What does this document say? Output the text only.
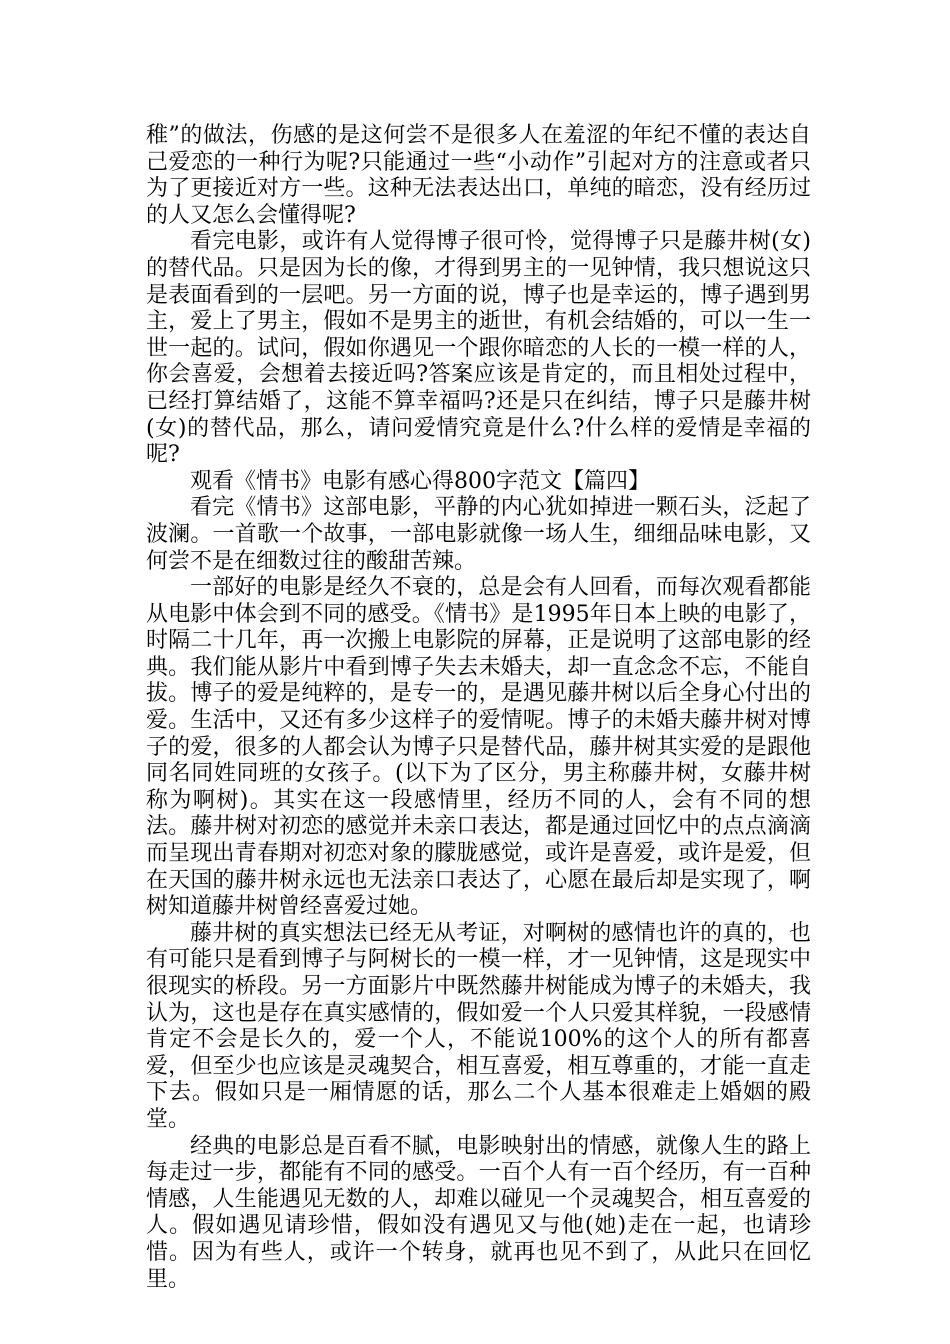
稚”的做法，伤感的是这何尝不是很多人在羞涩的年纪不懂的表达自己爱恋的一种行为呢?只能通过一些“小动作”引起对方的注意或者只为了更接近对方一些。这种无法表达出口，单纯的暗恋，没有经历过的人又怎么会懂得呢?

看完电影，或许有人觉得博子很可怜，觉得博子只是藤井树(女)的替代品。只是因为长的像，才得到男主的一见钟情，我只想说这只是表面看到的一层吧。另一方面的说，博子也是幸运的，博子遇到男主，爱上了男主，假如不是男主的逝世，有机会结婚的，可以一生一世一起的。试问，假如你遇见一个跟你暗恋的人长的一模一样的人，你会喜爱，会想着去接近吗?答案应该是肯定的，而且相处过程中，已经打算结婚了，这能不算幸福吗?还是只在纠结，博子只是藤井树(女)的替代品，那么，请问爱情究竟是什么?什么样的爱情是幸福的呢?

观看《情书》电影有感心得800字范文【篇四】

看完《情书》这部电影，平静的内心犹如掉进一颗石头，泛起了波澜。一首歌一个故事，一部电影就像一场人生，细细品味电影，又何尝不是在细数过往的酸甜苦辣。

一部好的电影是经久不衰的，总是会有人回看，而每次观看都能从电影中体会到不同的感受。《情书》是1995年日本上映的电影了，时隔二十几年，再一次搬上电影院的屏幕，正是说明了这部电影的经典。我们能从影片中看到博子失去未婚夫，却一直念念不忘，不能自拔。博子的爱是纯粹的，是专一的，是遇见藤井树以后全身心付出的爱。生活中，又还有多少这样子的爱情呢。博子的未婚夫藤井树对博子的爱，很多的人都会认为博子只是替代品，藤井树其实爱的是跟他同名同姓同班的女孩子。(以下为了区分，男主称藤井树，女藤井树称为啊树)。其实在这一段感情里，经历不同的人，会有不同的想法。藤井树对初恋的感觉并未亲口表达，都是通过回忆中的点点滴滴而呈现出青春期对初恋对象的朦胧感觉，或许是喜爱，或许是爱，但在天国的藤井树永远也无法亲口表达了，心愿在最后却是实现了，啊树知道藤井树曾经喜爱过她。

藤井树的真实想法已经无从考证，对啊树的感情也许的真的，也有可能只是看到博子与阿树长的一模一样，才一见钟情，这是现实中很现实的桥段。另一方面影片中既然藤井树能成为博子的未婚夫，我认为，这也是存在真实感情的，假如爱一个人只爱其样貌，一段感情肯定不会是长久的，爱一个人，不能说100%的这个人的所有都喜爱，但至少也应该是灵魂契合，相互喜爱，相互尊重的，才能一直走下去。假如只是一厢情愿的话，那么二个人基本很难走上婚姻的殿堂。

经典的电影总是百看不腻，电影映射出的情感，就像人生的路上每走过一步，都能有不同的感受。一百个人有一百个经历，有一百种情感，人生能遇见无数的人，却难以碰见一个灵魂契合，相互喜爱的人。假如遇见请珍惜，假如没有遇见又与他(她)走在一起，也请珍惜。因为有些人，或许一个转身，就再也见不到了，从此只在回忆里。
